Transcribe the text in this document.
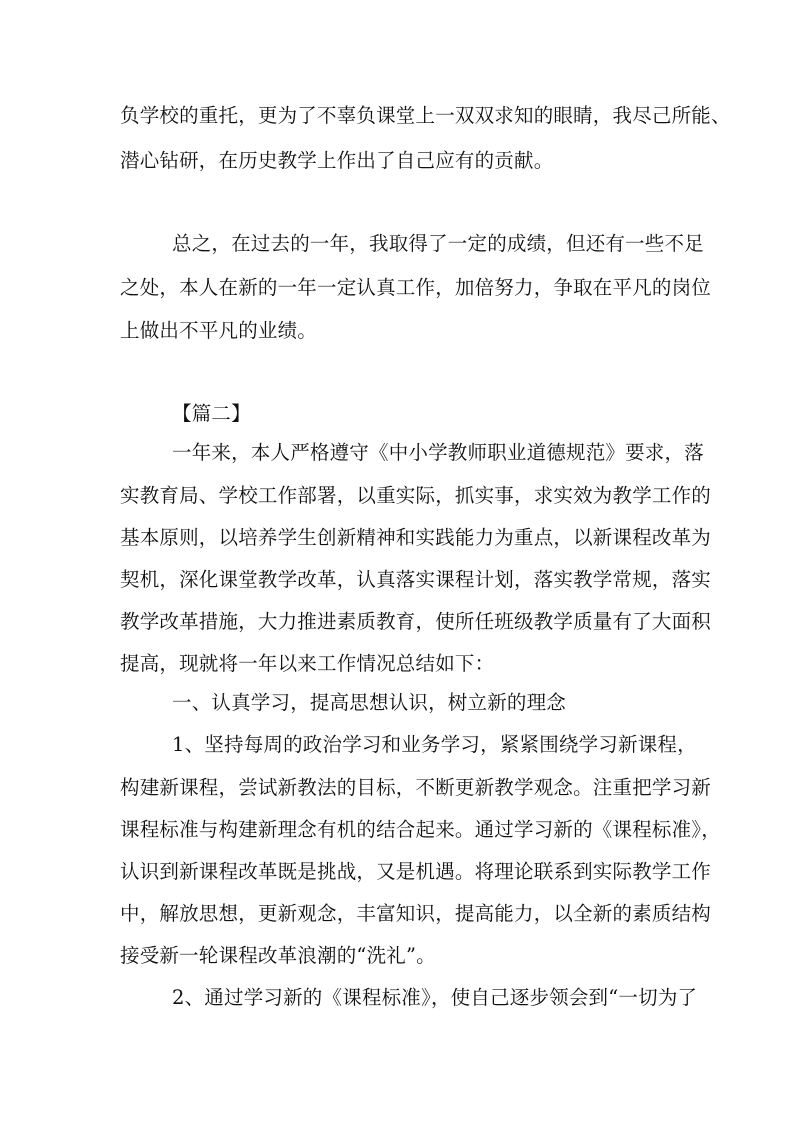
负学校的重托，更为了不辜负课堂上一双双求知的眼睛，我尽己所能、
潜心钻研，在历史教学上作出了自己应有的贡献。
总之，在过去的一年，我取得了一定的成绩，但还有一些不足
之处，本人在新的一年一定认真工作，加倍努力，争取在平凡的岗位
上做出不平凡的业绩。
【篇二】
一年来，本人严格遵守《中小学教师职业道德规范》要求，落
实教育局、学校工作部署，以重实际，抓实事，求实效为教学工作的
基本原则，以培养学生创新精神和实践能力为重点，以新课程改革为
契机，深化课堂教学改革，认真落实课程计划，落实教学常规，落实
教学改革措施，大力推进素质教育，使所任班级教学质量有了大面积
提高，现就将一年以来工作情况总结如下：
一、认真学习，提高思想认识，树立新的理念
1、坚持每周的政治学习和业务学习，紧紧围绕学习新课程，
构建新课程，尝试新教法的目标，不断更新教学观念。注重把学习新
课程标准与构建新理念有机的结合起来。通过学习新的《课程标准》，
认识到新课程改革既是挑战，又是机遇。将理论联系到实际教学工作
中，解放思想，更新观念，丰富知识，提高能力，以全新的素质结构
接受新一轮课程改革浪潮的“洗礼”。
2、通过学习新的《课程标准》，使自己逐步领会到“一切为了
